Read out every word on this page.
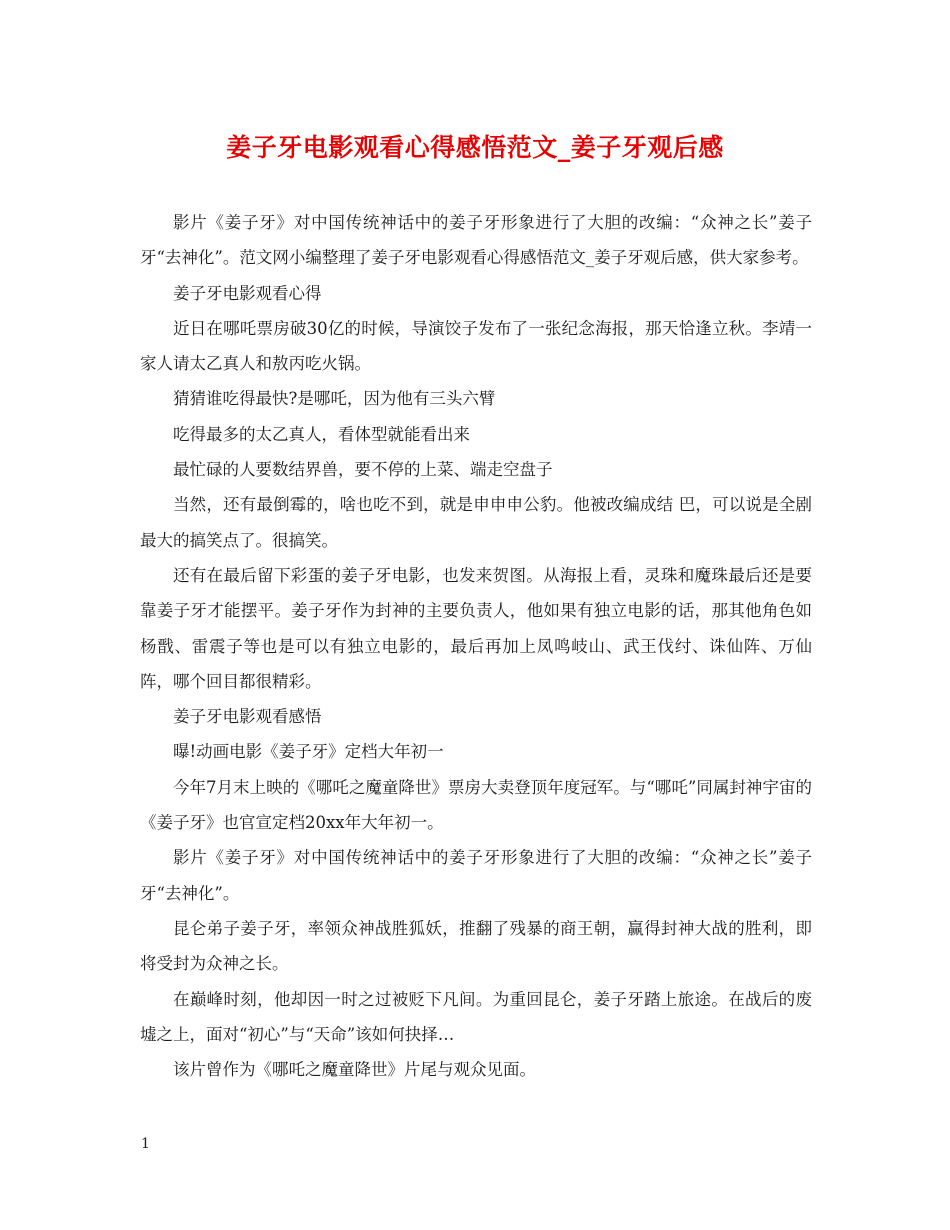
姜子牙电影观看心得感悟范文_姜子牙观后感

影片《姜子牙》对中国传统神话中的姜子牙形象进行了大胆的改编：“众神之长”姜子牙“去神化”。范文网小编整理了姜子牙电影观看心得感悟范文_姜子牙观后感，供大家参考。

姜子牙电影观看心得

近日在哪吒票房破30亿的时候，导演饺子发布了一张纪念海报，那天恰逢立秋。李靖一家人请太乙真人和敖丙吃火锅。

猜猜谁吃得最快?是哪吒，因为他有三头六臂

吃得最多的太乙真人，看体型就能看出来

最忙碌的人要数结界兽，要不停的上菜、端走空盘子

当然，还有最倒霉的，啥也吃不到，就是申申申公豹。他被改编成结 巴，可以说是全剧最大的搞笑点了。很搞笑。

还有在最后留下彩蛋的姜子牙电影，也发来贺图。从海报上看，灵珠和魔珠最后还是要靠姜子牙才能摆平。姜子牙作为封神的主要负责人，他如果有独立电影的话，那其他角色如杨戬、雷震子等也是可以有独立电影的，最后再加上凤鸣岐山、武王伐纣、诛仙阵、万仙阵，哪个回目都很精彩。

姜子牙电影观看感悟

曝!动画电影《姜子牙》定档大年初一

今年7月末上映的《哪吒之魔童降世》票房大卖登顶年度冠军。与“哪吒”同属封神宇宙的《姜子牙》也官宣定档20xx年大年初一。

影片《姜子牙》对中国传统神话中的姜子牙形象进行了大胆的改编：“众神之长”姜子牙“去神化”。

昆仑弟子姜子牙，率领众神战胜狐妖，推翻了残暴的商王朝，赢得封神大战的胜利，即将受封为众神之长。

在巅峰时刻，他却因一时之过被贬下凡间。为重回昆仑，姜子牙踏上旅途。在战后的废墟之上，面对“初心”与“天命”该如何抉择…

该片曾作为《哪吒之魔童降世》片尾与观众见面。

1
